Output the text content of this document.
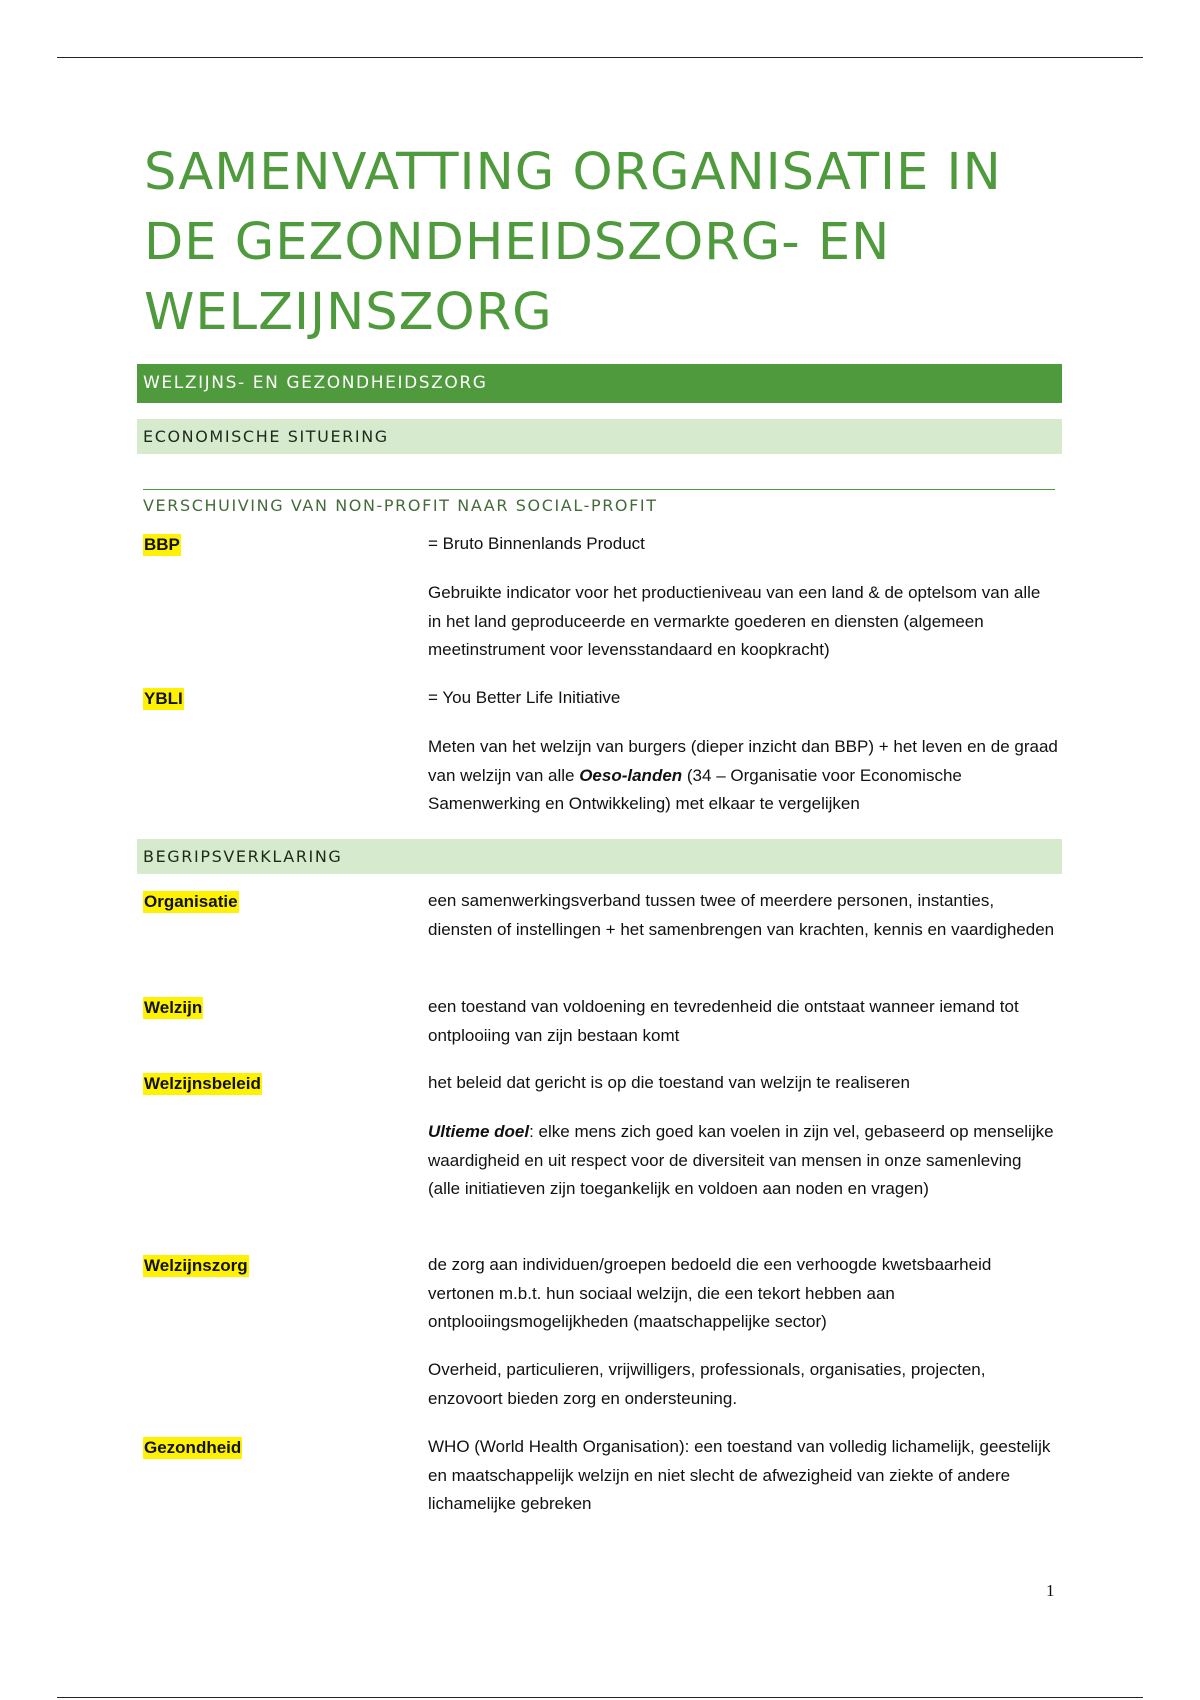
SAMENVATTING ORGANISATIE IN DE GEZONDHEIDSZORG- EN WELZIJNSZORG
WELZIJNS- EN GEZONDHEIDSZORG
ECONOMISCHE SITUERING
VERSCHUIVING VAN NON-PROFIT NAAR SOCIAL-PROFIT
BBP	= Bruto Binnenlands Product

Gebruikte indicator voor het productieniveau van een land & de optelsom van alle in het land geproduceerde en vermarkte goederen en diensten (algemeen meetinstrument voor levensstandaard en koopkracht)

YBLI	= You Better Life Initiative

Meten van het welzijn van burgers (dieper inzicht dan BBP) + het leven en de graad van welzijn van alle Oeso-landen (34 – Organisatie voor Economische Samenwerking en Ontwikkeling) met elkaar te vergelijken

BEGRIPSVERKLARING
Organisatie	een samenwerkingsverband tussen twee of meerdere personen, instanties, diensten of instellingen + het samenbrengen van krachten, kennis en vaardigheden

Welzijn	een toestand van voldoening en tevredenheid die ontstaat wanneer iemand tot ontplooiing van zijn bestaan komt

Welzijnsbeleid	het beleid dat gericht is op die toestand van welzijn te realiseren

Ultieme doel: elke mens zich goed kan voelen in zijn vel, gebaseerd op menselijke waardigheid en uit respect voor de diversiteit van mensen in onze samenleving (alle initiatieven zijn toegankelijk en voldoen aan noden en vragen)

Welzijnszorg	de zorg aan individuen/groepen bedoeld die een verhoogde kwetsbaarheid vertonen m.b.t. hun sociaal welzijn, die een tekort hebben aan ontplooiingsmogelijkheden (maatschappelijke sector)

Overheid, particulieren, vrijwilligers, professionals, organisaties, projecten, enzovoort bieden zorg en ondersteuning.

Gezondheid	WHO (World Health Organisation): een toestand van volledig lichamelijk, geestelijk en maatschappelijk welzijn en niet slecht de afwezigheid van ziekte of andere lichamelijke gebreken

1
